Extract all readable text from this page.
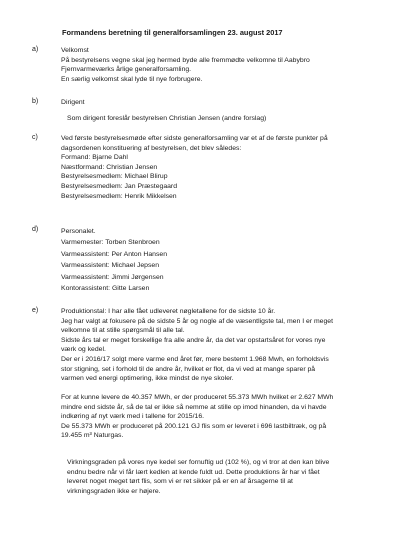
Formandens beretning til generalforsamlingen 23. august 2017
a)	Velkomst
På bestyrelsens vegne skal jeg hermed byde alle fremmødte velkomne til Aabybro
Fjernvarmeværks årlige generalforsamling.
En særlig velkomst skal lyde til nye forbrugere.
b)	Dirigent
Som dirigent foreslår bestyrelsen Christian Jensen (andre forslag)
c)	Ved første bestyrelsesmøde efter sidste generalforsamling var et af de første punkter på
dagsordenen konstituering af bestyrelsen, det blev således:
Formand: Bjarne Dahl
Næstformand: Christian Jensen
Bestyrelsesmedlem: Michael Blirup
Bestyrelsesmedlem: Jan Præstegaard
Bestyrelsesmedlem: Henrik Mikkelsen
d)	Personalet.
Varmemester: Torben Stenbroen
Varmeassistent: Per Anton Hansen
Varmeassistent: Michael Jepsen
Varmeassistent: Jimmi Jørgensen
Kontorassistent: Gitte Larsen
e)	Produktionstal: I har alle fået udleveret nøgletallene for de sidste 10 år.
Jeg har valgt at fokusere på de sidste 5 år og nogle af de væsentligste tal, men I er meget
velkomne til at stille spørgsmål til alle tal.
Sidste års tal er meget forskellige fra alle andre år, da det var opstartsåret for vores nye
værk og kedel.
Der er i 2016/17 solgt mere varme end året før, mere bestemt 1.968 Mwh, en forholdsvis
stor stigning, set i forhold til de andre år, hvilket er flot, da vi ved at mange sparer på
varmen ved energi optimering, ikke mindst de nye skoler.
For at kunne levere de 40.357 MWh, er der produceret 55.373 MWh hvilket er 2.627 MWh
mindre end sidste år, så de tal er ikke så nemme at stille op imod hinanden, da vi havde
indkøring af nyt værk med i tallene for 2015/16.
De 55.373 MWh er produceret på 200.121 GJ flis som er leveret i 696 lastbiltræk, og på
19.455 m³ Naturgas.
Virkningsgraden på vores nye kedel ser fornuftig ud (102 %), og vi tror at den kan blive
endnu bedre når vi får lært kedlen at kende fuldt ud. Dette produktions år har vi fået
leveret noget meget tørt flis, som vi er ret sikker på er en af årsagerne til at
virkningsgraden ikke er højere.
